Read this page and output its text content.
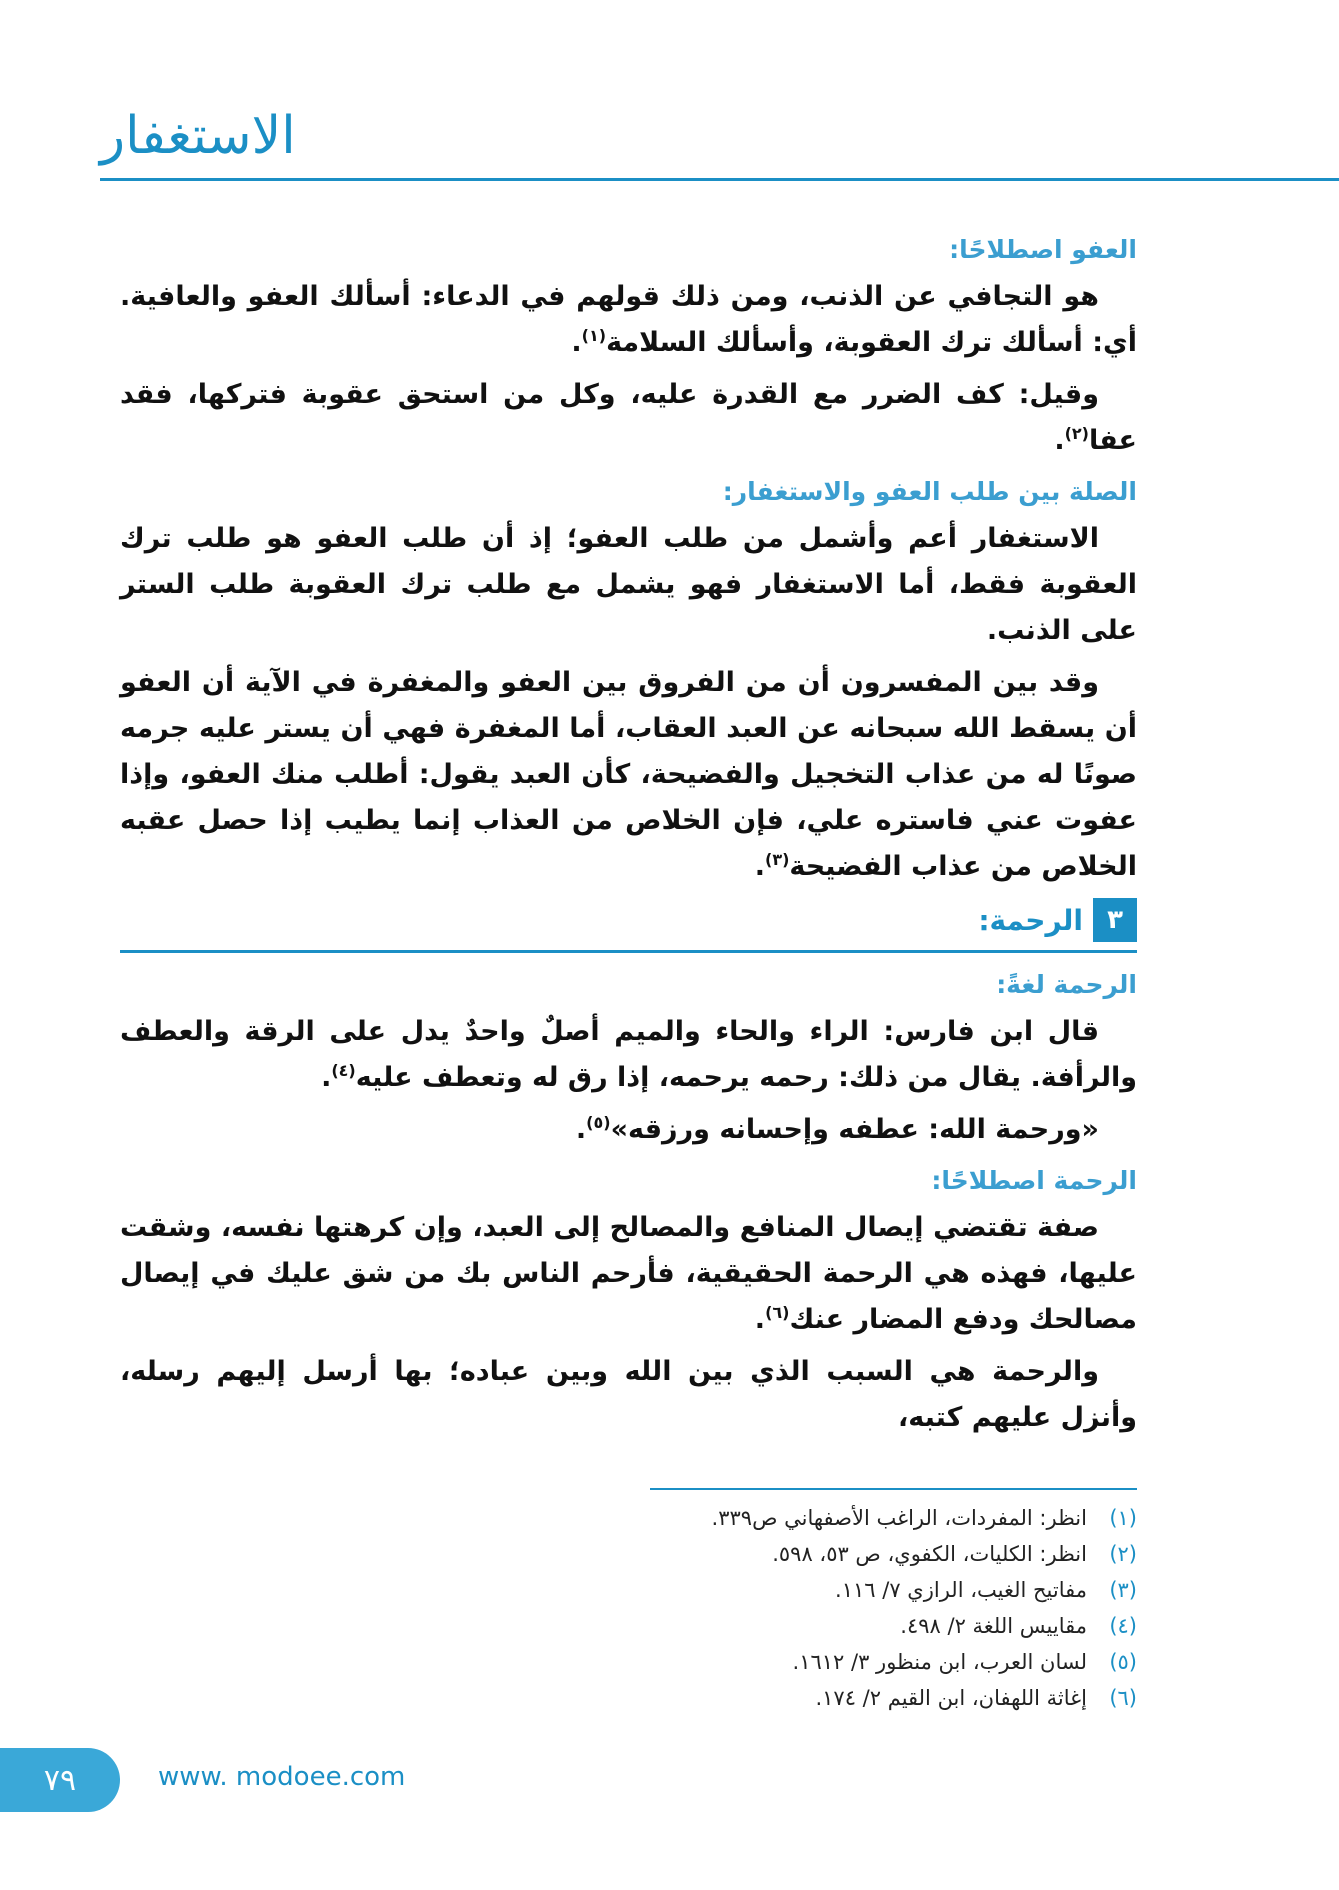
الاستغفار
العفو اصطلاحًا:

هو التجافي عن الذنب، ومن ذلك قولهم في الدعاء: أسألك العفو والعافية. أي: أسألك ترك العقوبة، وأسألك السلامة$^{(١)}$.

وقيل: كف الضرر مع القدرة عليه، وكل من استحق عقوبة فتركها، فقد عفا$^{(٢)}$.

الصلة بين طلب العفو والاستغفار:

الاستغفار أعم وأشمل من طلب العفو؛ إذ أن طلب العفو هو طلب ترك العقوبة فقط، أما الاستغفار فهو يشمل مع طلب ترك العقوبة طلب الستر على الذنب.

وقد بين المفسرون أن من الفروق بين العفو والمغفرة في الآية أن العفو أن يسقط الله سبحانه عن العبد العقاب، أما المغفرة فهي أن يستر عليه جرمه صونًا له من عذاب التخجيل والفضيحة، كأن العبد يقول: أطلب منك العفو، وإذا عفوت عني فاستره علي، فإن الخلاص من العذاب إنما يطيب إذا حصل عقبه الخلاص من عذاب الفضيحة$^{(٣)}$.

٣
الرحمة:
الرحمة لغةً:

قال ابن فارس: الراء والحاء والميم أصلٌ واحدٌ يدل على الرقة والعطف والرأفة. يقال من ذلك: رحمه يرحمه، إذا رق له وتعطف عليه$^{(٤)}$.

«ورحمة الله: عطفه وإحسانه ورزقه»$^{(٥)}$.

الرحمة اصطلاحًا:

صفة تقتضي إيصال المنافع والمصالح إلى العبد، وإن كرهتها نفسه، وشقت عليها، فهذه هي الرحمة الحقيقية، فأرحم الناس بك من شق عليك في إيصال مصالحك ودفع المضار عنك$^{(٦)}$.

والرحمة هي السبب الذي بين الله وبين عباده؛ بها أرسل إليهم رسله، وأنزل عليهم كتبه،

(١)
انظر: المفردات، الراغب الأصفهاني ص٣٣٩.
(٢)
انظر: الكليات، الكفوي، ص ٥٣، ٥٩٨.
(٣)
مفاتيح الغيب، الرازي ٧/ ١١٦.
(٤)
مقاييس اللغة ٢/ ٤٩٨.
(٥)
لسان العرب، ابن منظور ٣/ ١٦١٢.
(٦)
إغاثة اللهفان، ابن القيم ٢/ ١٧٤.
٧٩	www. modoee.com
